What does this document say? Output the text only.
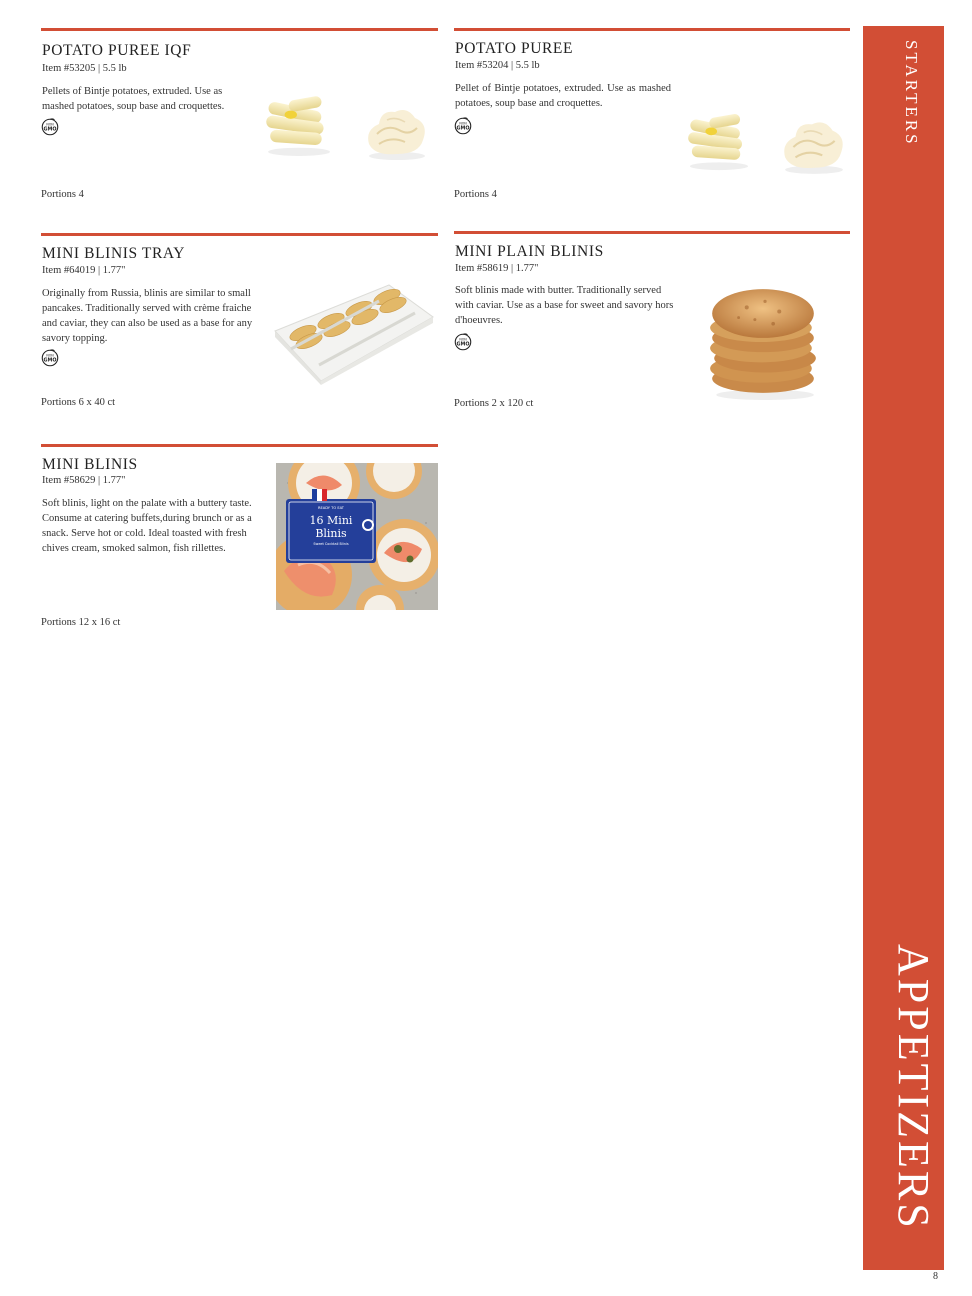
POTATO PUREE IQF
Item #53205 | 5.5 lb

Pellets of Bintje potatoes, extruded. Use as mashed potatoes, soup base and croquettes.

NON
GMO
Portions 4
POTATO PUREE
Item #53204 | 5.5 lb

Pellet of Bintje potatoes, extruded. Use as mashed potatoes, soup base and croquettes.

NON
GMO
Portions 4
MINI BLINIS TRAY
Item #64019 | 1.77"

Originally from Russia, blinis are similar to small pancakes. Traditionally served with crème fraiche and caviar, they can also be used as a base for any savory topping.

NON
GMO
Portions 6 x 40 ct
MINI PLAIN BLINIS
Item #58619 | 1.77"

Soft blinis made with butter. Traditionally served with caviar. Use as a base for sweet and savory hors d'hoeuvres.

NON
GMO
Portions 2 x 120 ct
MINI BLINIS
Item #58629 | 1.77"

Soft blinis, light on the palate with a buttery taste. Consume at catering buffets,during brunch or as a snack. Serve hot or cold. Ideal toasted with fresh chives cream, smoked salmon, fish rillettes.

READY TO EAT
16 Mini
Blinis
Sweet Cocktail Blinis
Portions 12 x 16 ct
STARTERS
APPETIZERS
8
